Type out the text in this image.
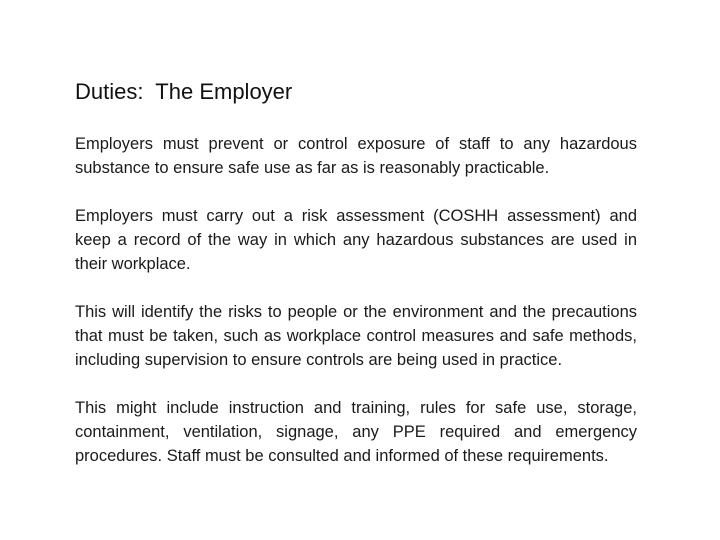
Duties:  The Employer

Employers must prevent or control exposure of staff to any hazardous substance to ensure safe use as far as is reasonably practicable.

Employers must carry out a risk assessment (COSHH assessment) and keep a record of the way in which any hazardous substances are used in their workplace.

This will identify the risks to people or the environment and the precautions that must be taken, such as workplace control measures and safe methods, including supervision to ensure controls are being used in practice.

This might include instruction and training, rules for safe use, storage, containment, ventilation, signage, any PPE required and emergency procedures. Staff must be consulted and informed of these requirements.
